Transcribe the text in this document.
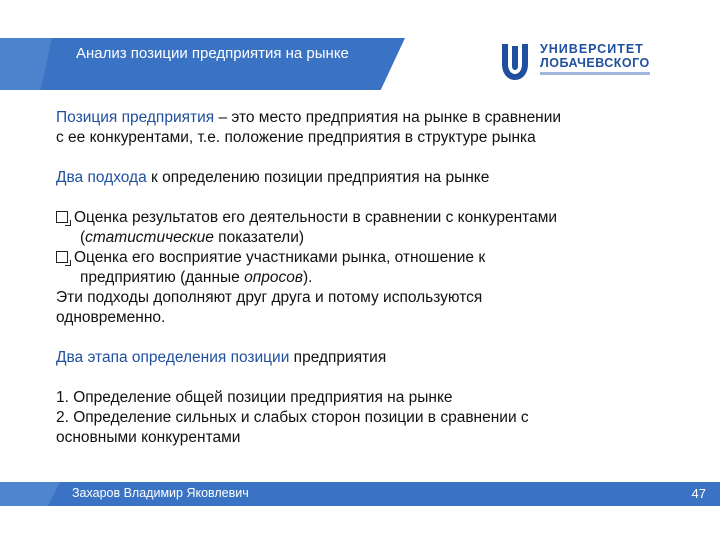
Анализ позиции предприятия на рынке	УНИВЕРСИТЕТ
ЛОБАЧЕВСКОГО

Позиция предприятия – это место предприятия на рынке в сравнении

с ее конкурентами, т.е. положение предприятия в структуре рынка

Два подхода к определению позиции предприятия на рынке

Оценка результатов его деятельности в сравнении с конкурентами

(статистические показатели)

Оценка его восприятие участниками рынка, отношение к

предприятию (данные опросов).

Эти подходы дополняют друг друга и потому используются

одновременно.

Два этапа определения позиции предприятия

1. Определение общей позиции предприятия на рынке

2. Определение сильных и слабых сторон позиции в сравнении с

основными конкурентами

Захаров Владимир Яковлевич	47
